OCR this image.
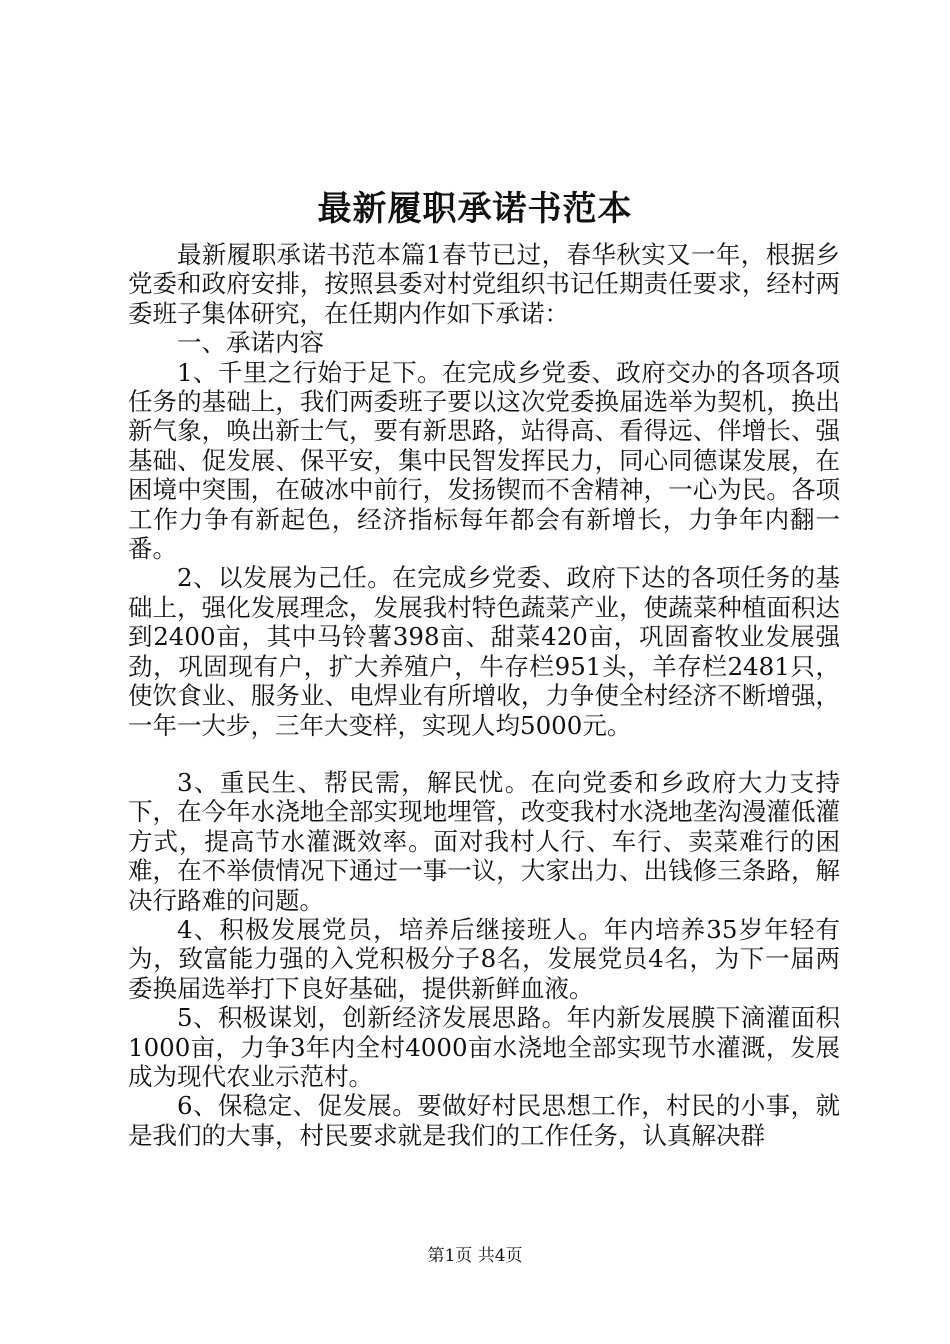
最新履职承诺书范本

最新履职承诺书范本篇1春节已过，春华秋实又一年，根据乡党委和政府安排，按照县委对村党组织书记任期责任要求，经村两委班子集体研究，在任期内作如下承诺：

一、承诺内容

1、千里之行始于足下。在完成乡党委、政府交办的各项各项任务的基础上，我们两委班子要以这次党委换届选举为契机，换出新气象，唤出新士气，要有新思路，站得高、看得远、伴增长、强基础、促发展、保平安，集中民智发挥民力，同心同德谋发展，在困境中突围，在破冰中前行，发扬锲而不舍精神，一心为民。各项工作力争有新起色，经济指标每年都会有新增长，力争年内翻一番。

2、以发展为己任。在完成乡党委、政府下达的各项任务的基础上，强化发展理念，发展我村特色蔬菜产业，使蔬菜种植面积达到2400亩，其中马铃薯398亩、甜菜420亩，巩固畜牧业发展强劲，巩固现有户，扩大养殖户，牛存栏951头，羊存栏2481只，使饮食业、服务业、电焊业有所增收，力争使全村经济不断增强，一年一大步，三年大变样，实现人均5000元。

3、重民生、帮民需，解民忧。在向党委和乡政府大力支持下，在今年水浇地全部实现地埋管，改变我村水浇地垄沟漫灌低灌方式，提高节水灌溉效率。面对我村人行、车行、卖菜难行的困难，在不举债情况下通过一事一议，大家出力、出钱修三条路，解决行路难的问题。

4、积极发展党员，培养后继接班人。年内培养35岁年轻有为，致富能力强的入党积极分子8名，发展党员4名，为下一届两委换届选举打下良好基础，提供新鲜血液。

5、积极谋划，创新经济发展思路。年内新发展膜下滴灌面积1000亩，力争3年内全村4000亩水浇地全部实现节水灌溉，发展成为现代农业示范村。

6、保稳定、促发展。要做好村民思想工作，村民的小事，就是我们的大事，村民要求就是我们的工作任务，认真解决群

第1页 共4页
